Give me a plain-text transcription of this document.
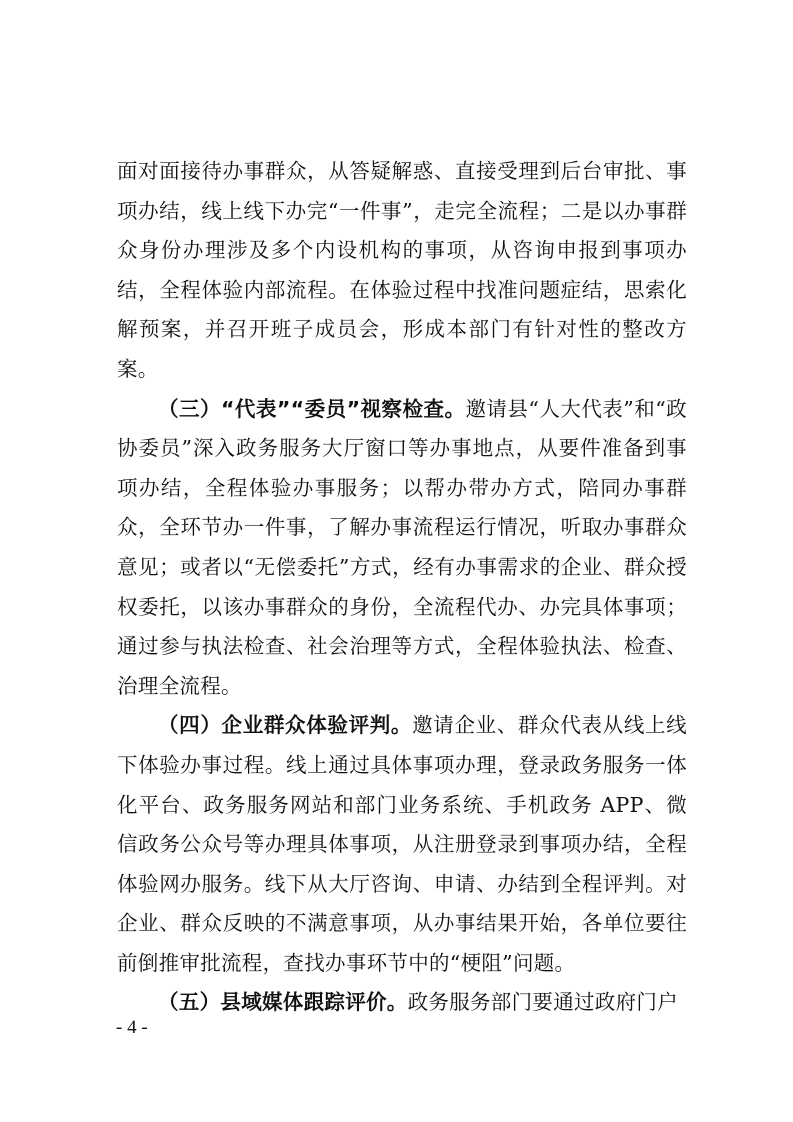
面对面接待办事群众，从答疑解惑、直接受理到后台审批、事项办结，线上线下办完“一件事”，走完全流程；二是以办事群众身份办理涉及多个内设机构的事项，从咨询申报到事项办结，全程体验内部流程。在体验过程中找准问题症结，思索化解预案，并召开班子成员会，形成本部门有针对性的整改方案。

（三）“代表”“委员”视察检查。邀请县“人大代表”和“政协委员”深入政务服务大厅窗口等办事地点，从要件准备到事项办结，全程体验办事服务；以帮办带办方式，陪同办事群众，全环节办一件事，了解办事流程运行情况，听取办事群众意见；或者以“无偿委托”方式，经有办事需求的企业、群众授权委托，以该办事群众的身份，全流程代办、办完具体事项；通过参与执法检查、社会治理等方式，全程体验执法、检查、治理全流程。

（四）企业群众体验评判。邀请企业、群众代表从线上线下体验办事过程。线上通过具体事项办理，登录政务服务一体化平台、政务服务网站和部门业务系统、手机政务 APP、微信政务公众号等办理具体事项，从注册登录到事项办结，全程体验网办服务。线下从大厅咨询、申请、办结到全程评判。对企业、群众反映的不满意事项，从办事结果开始，各单位要往前倒推审批流程，查找办事环节中的“梗阻”问题。

（五）县域媒体跟踪评价。政务服务部门要通过政府门户

- 4 -
